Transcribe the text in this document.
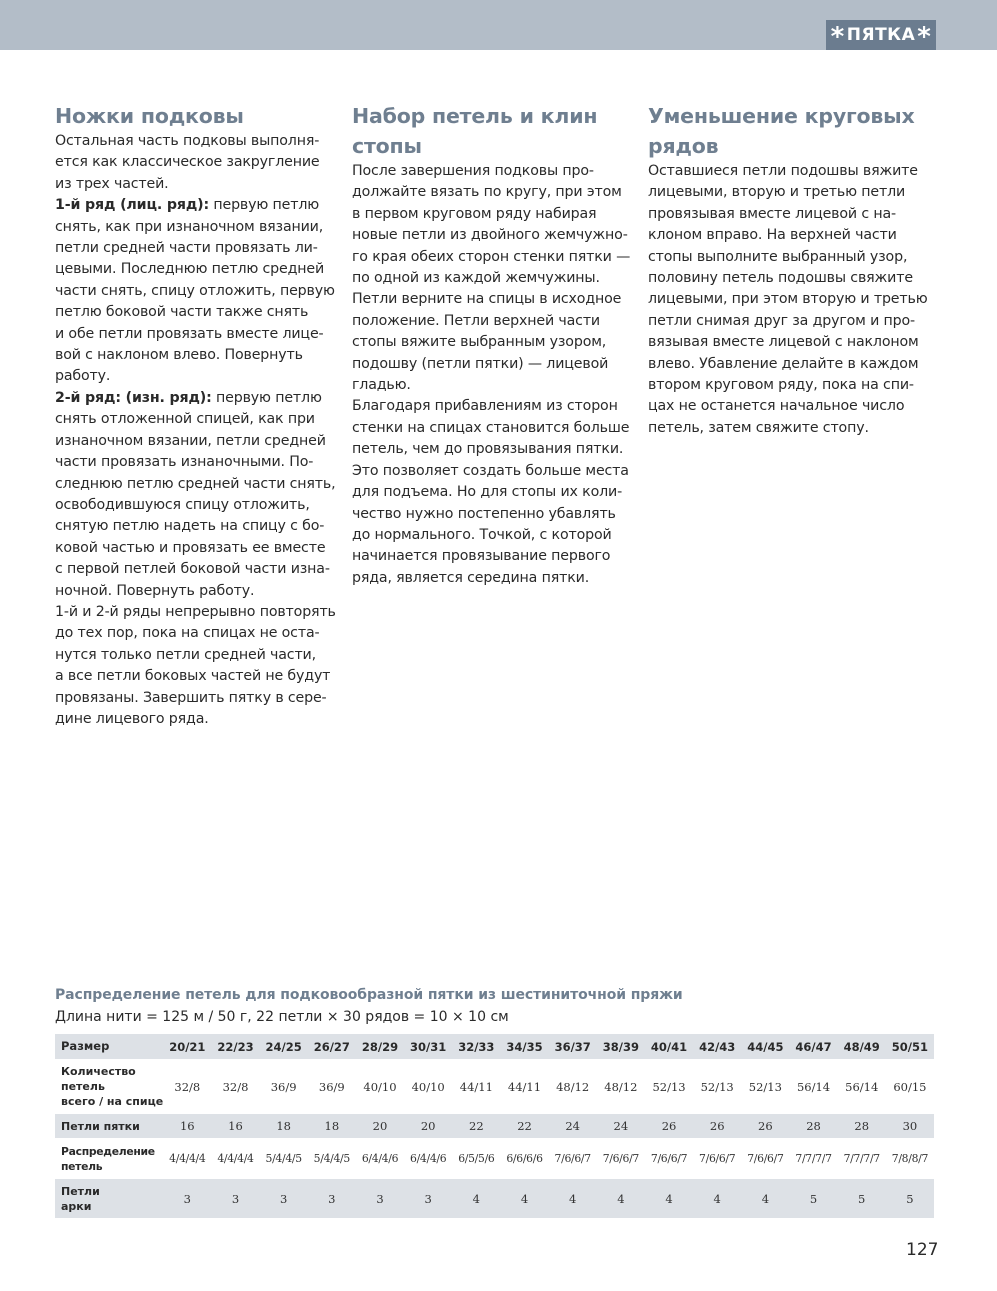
* ПЯТКА *
Ножки подковы

Остальная часть подковы выполня-
ется как классическое закругление
из трех частей.

1-й ряд (лиц. ряд): первую петлю
снять, как при изнаночном вязании,
петли средней части провязать ли-
цевыми. Последнюю петлю средней
части снять, спицу отложить, первую
петлю боковой части также снять
и обе петли провязать вместе лице-
вой с наклоном влево. Повернуть
работу.

2-й ряд: (изн. ряд): первую петлю
снять отложенной спицей, как при
изнаночном вязании, петли средней
части провязать изнаночными. По-
следнюю петлю средней части снять,
освободившуюся спицу отложить,
снятую петлю надеть на спицу с бо-
ковой частью и провязать ее вместе
с первой петлей боковой части изна-
ночной. Повернуть работу.

1-й и 2-й ряды непрерывно повторять
до тех пор, пока на спицах не оста-
нутся только петли средней части,
а все петли боковых частей не будут
провязаны. Завершить пятку в сере-
дине лицевого ряда.

Набор петель и клин
стопы

После завершения подковы про-
должайте вязать по кругу, при этом
в первом круговом ряду набирая
новые петли из двойного жемчужно-
го края обеих сторон стенки пятки —
по одной из каждой жемчужины.
Петли верните на спицы в исходное
положение. Петли верхней части
стопы вяжите выбранным узором,
подошву (петли пятки) — лицевой
гладью.

Благодаря прибавлениям из сторон
стенки на спицах становится больше
петель, чем до провязывания пятки.
Это позволяет создать больше места
для подъема. Но для стопы их коли-
чество нужно постепенно убавлять
до нормального. Точкой, с которой
начинается провязывание первого
ряда, является середина пятки.

Уменьшение круговых
рядов

Оставшиеся петли подошвы вяжите
лицевыми, вторую и третью петли
провязывая вместе лицевой с на-
клоном вправо. На верхней части
стопы выполните выбранный узор,
половину петель подошвы свяжите
лицевыми, при этом вторую и третью
петли снимая друг за другом и про-
вязывая вместе лицевой с наклоном
влево. Убавление делайте в каждом
втором круговом ряду, пока на спи-
цах не останется начальное число
петель, затем свяжите стопу.

Распределение петель для подковообразной пятки из шестиниточной пряжи
Длина нити = 125 м / 50 г, 22 петли × 30 рядов = 10 × 10 см
Размер	20/21	22/23	24/25	26/27	28/29	30/31	32/33	34/35	36/37	38/39	40/41	42/43	44/45	46/47	48/49	50/51

Количество
петель
всего / на спице	32/8	32/8	36/9	36/9	40/10	40/10	44/11	44/11	48/12	48/12	52/13	52/13	52/13	56/14	56/14	60/15

Петли пятки	16	16	18	18	20	20	22	22	24	24	26	26	26	28	28	30

Распределение
петель	4/4/4/4	4/4/4/4	5/4/4/5	5/4/4/5	6/4/4/6	6/4/4/6	6/5/5/6	6/6/6/6	7/6/6/7	7/6/6/7	7/6/6/7	7/6/6/7	7/6/6/7	7/7/7/7	7/7/7/7	7/8/8/7

Петли
арки	3	3	3	3	3	3	4	4	4	4	4	4	4	5	5	5
127
